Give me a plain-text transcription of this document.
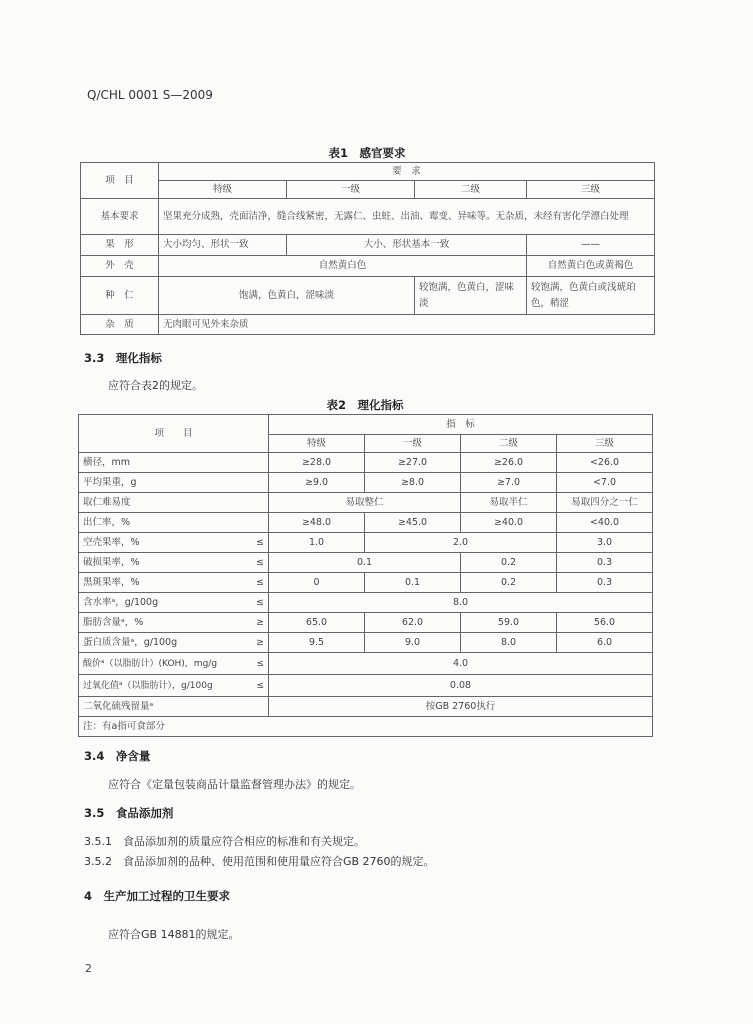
Q/CHL 0001 S—2009
表1　感官要求
项　目	要　求			
	特级	一级	二级	三级
基本要求	坚果充分成熟，壳面洁净，缝合线紧密，无露仁、虫蛀、出油、霉变、异味等。无杂质，未经有害化学漂白处理			
果　形	大小均匀、形状一致	大小、形状基本一致		——
外　壳	自然黄白色			自然黄白色或黄褐色
种　仁	饱满，色黄白，涩味淡		较饱满，色黄白，涩味淡	较饱满，色黄白或浅琥珀色，稍涩
杂　质	无肉眼可见外来杂质			
3.3　理化指标
应符合表2的规定。
表2　理化指标
项　　目	指　标			
	特级	一级	二级	三级
横径，mm	≥28.0	≥27.0	≥26.0	<26.0
平均果重，g	≥9.0	≥8.0	≥7.0	<7.0
取仁难易度	易取整仁		易取半仁	易取四分之一仁
出仁率，%	≥48.0	≥45.0	≥40.0	<40.0
空壳果率，% ≤	1.0	2.0		3.0
破损果率，% ≤	0.1		0.2	0.3
黑斑果率，% ≤	0	0.1	0.2	0.3
含水率ᵃ，g/100g ≤	8.0			
脂肪含量ᵃ，% ≥	65.0	62.0	59.0	56.0
蛋白质含量ᵃ，g/100g ≥	9.5	9.0	8.0	6.0
酸价ᵃ（以脂肪计）(KOH)，mg/g ≤	4.0			
过氧化值ᵃ（以脂肪计），g/100g ≤	0.08			
二氧化硫残留量ᵃ	按GB 2760执行			
注：有a指可食部分				
3.4　净含量
应符合《定量包装商品计量监督管理办法》的规定。
3.5　食品添加剂
3.5.1　食品添加剂的质量应符合相应的标准和有关规定。
3.5.2　食品添加剂的品种、使用范围和使用量应符合GB 2760的规定。
4　生产加工过程的卫生要求
应符合GB 14881的规定。
2
